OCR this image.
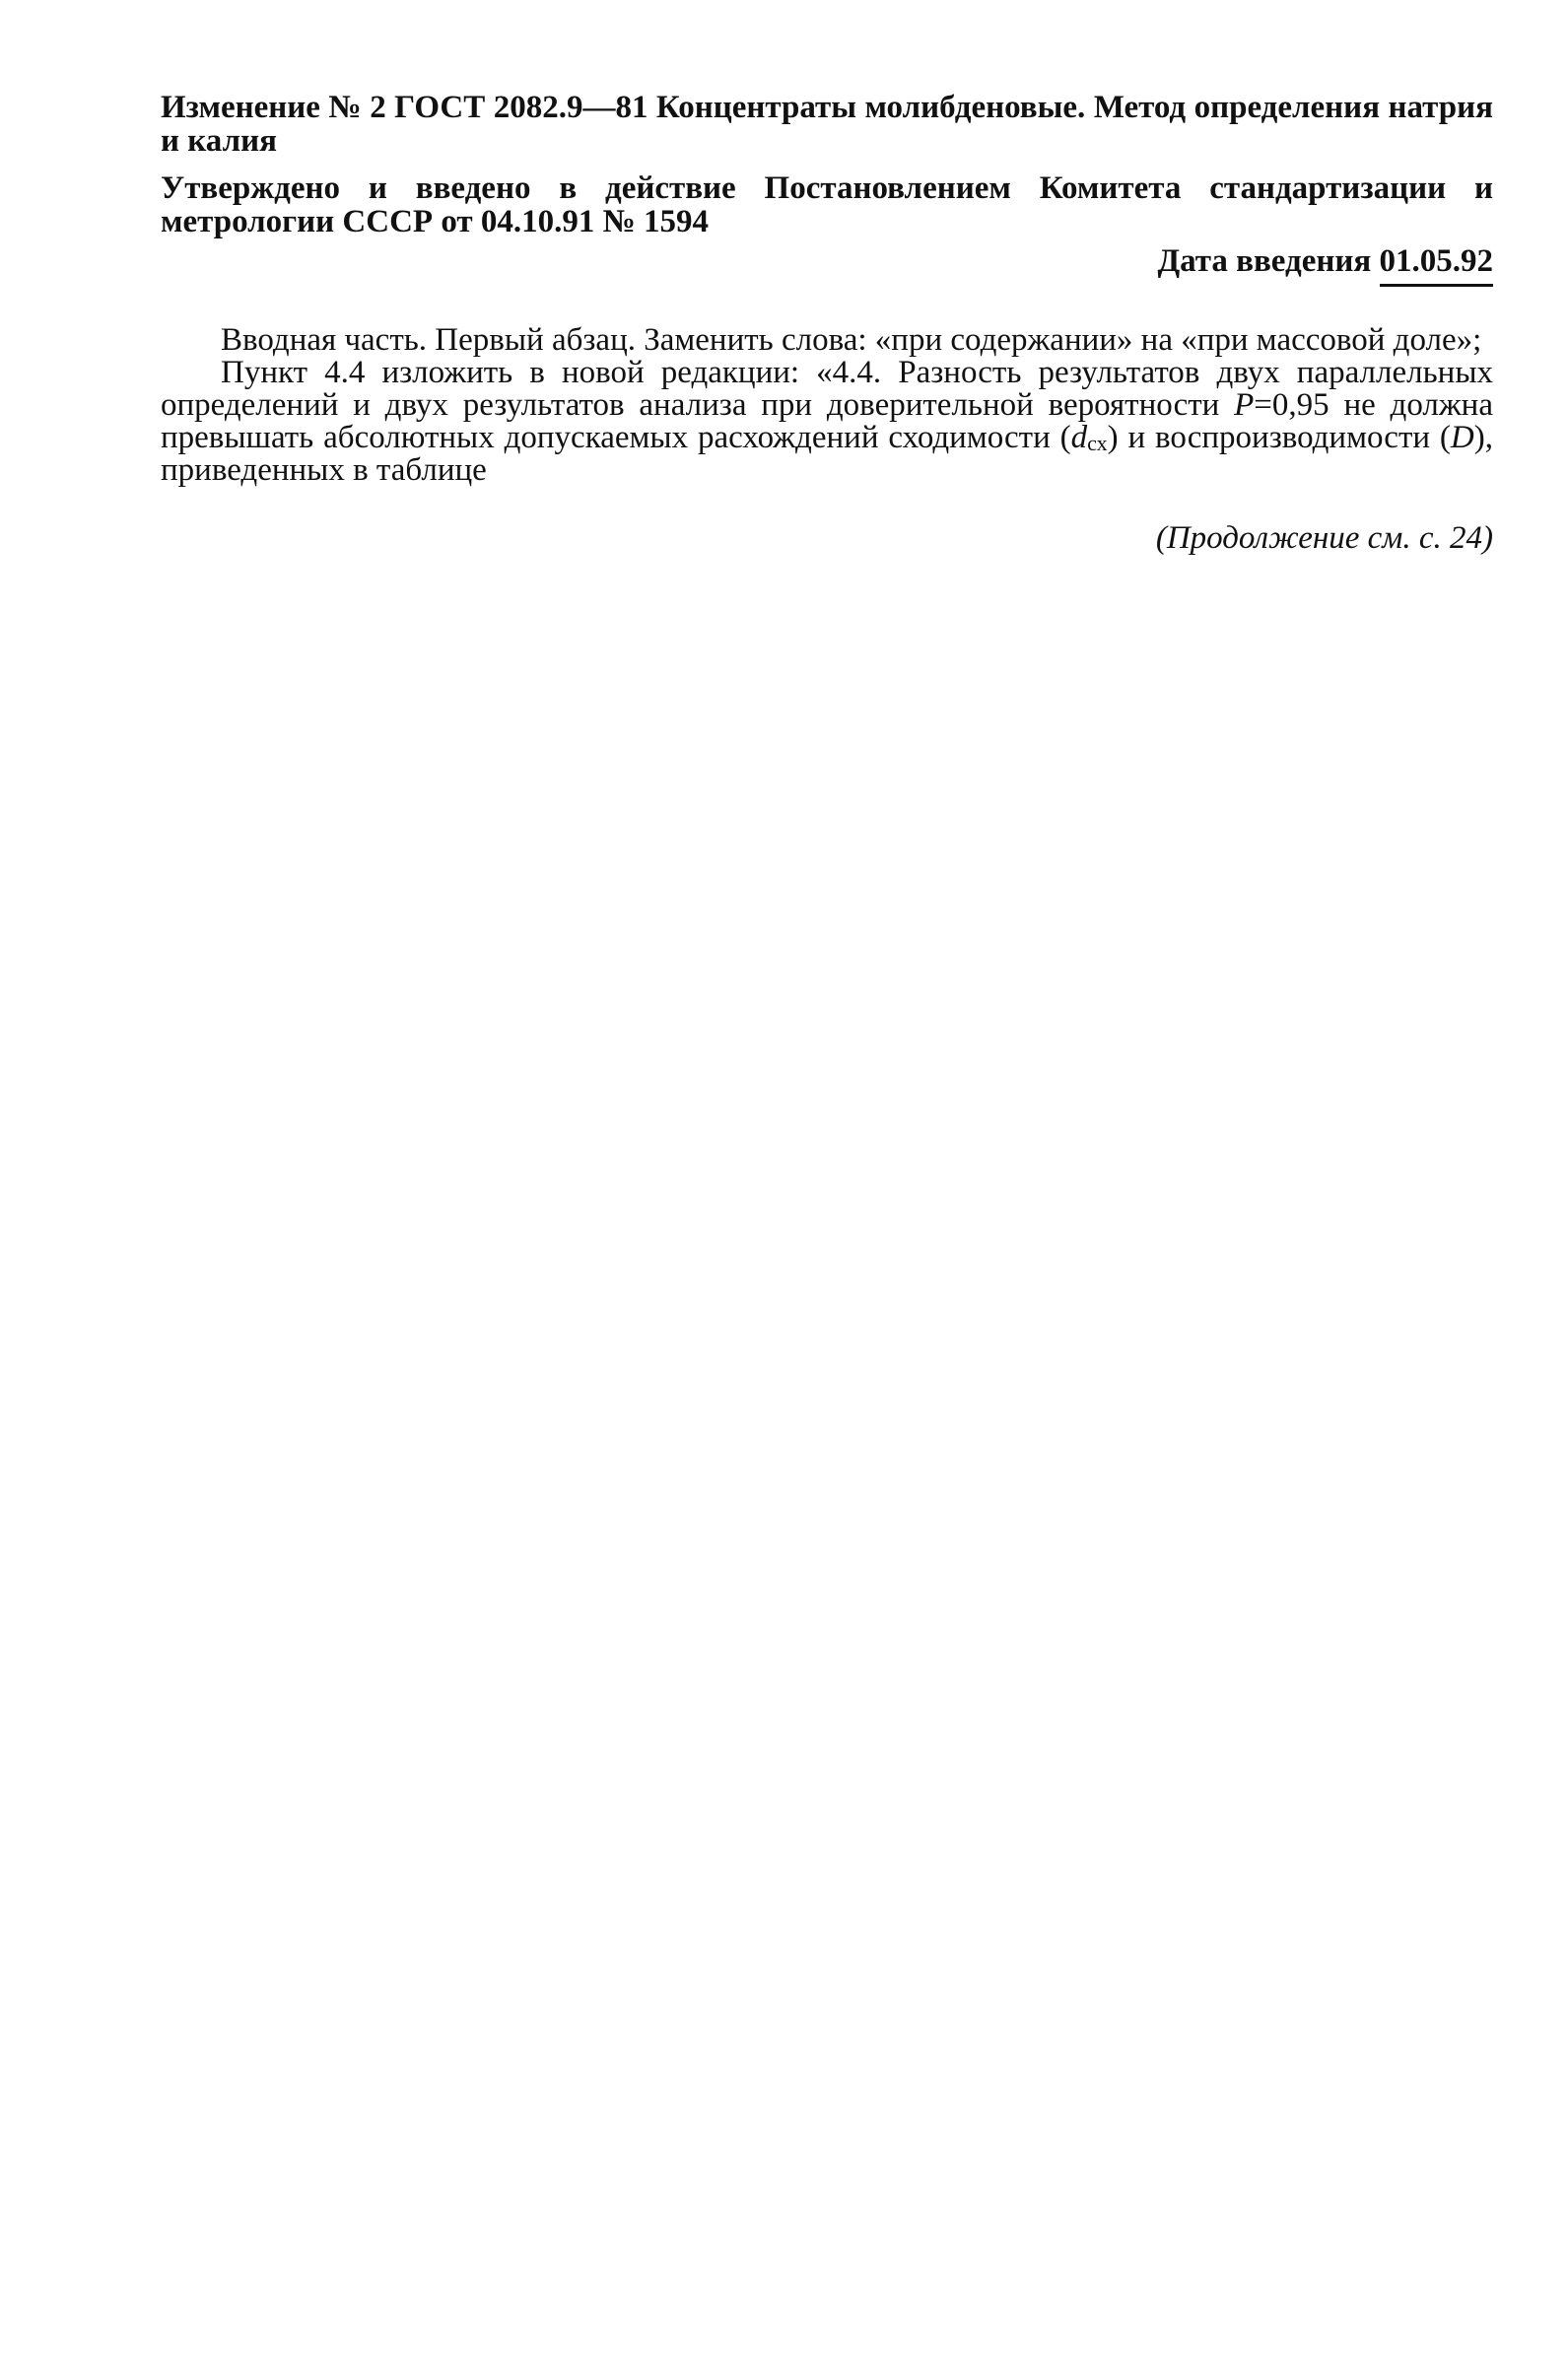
Изменение № 2 ГОСТ 2082.9—81 Концентраты молибденовые. Метод определения натрия и калия

Утверждено и введено в действие Постановлением Комитета стандартизации и метрологии СССР от 04.10.91 № 1594

Дата введения 01.05.92

Вводная часть. Первый абзац. Заменить слова: «при содержании» на «при массовой доле»;

Пункт 4.4 изложить в новой редакции: «4.4. Разность результатов двух параллельных определений и двух результатов анализа при доверительной вероятности P=0,95 не должна превышать абсолютных допускаемых расхождений сходимости $(d_{сх})$ и воспроизводимости (D), приведенных в таблице

(Продолжение см. с. 24)
